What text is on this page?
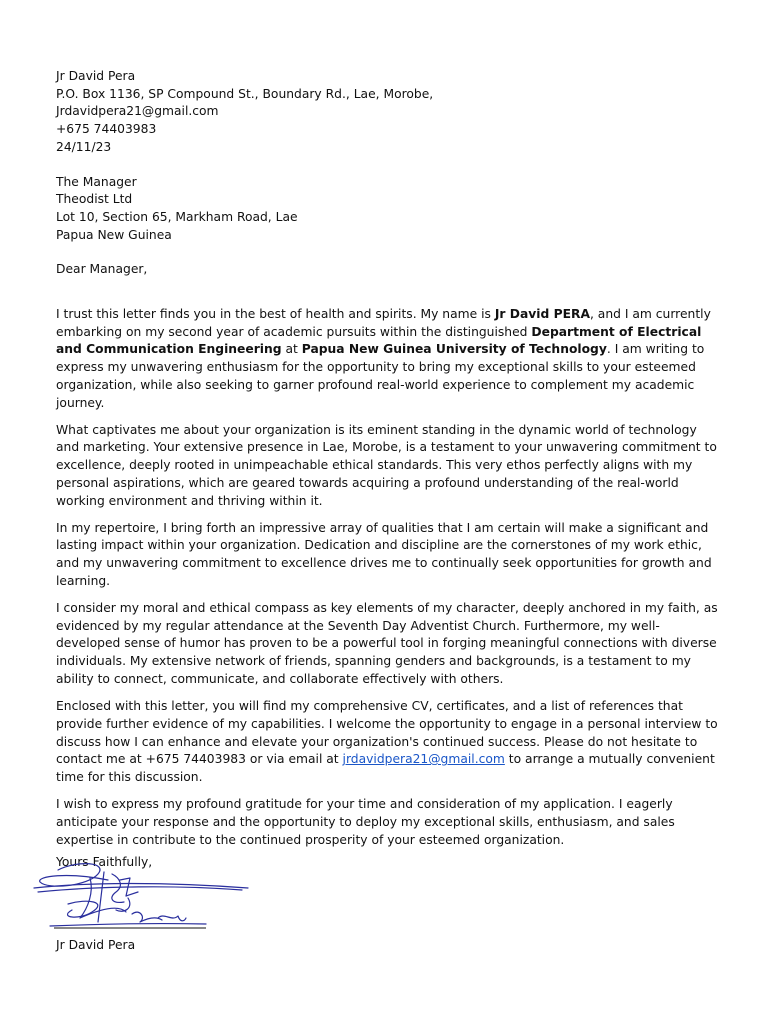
Jr David Pera
P.O. Box 1136, SP Compound St., Boundary Rd., Lae, Morobe,
Jrdavidpera21@gmail.com
+675 74403983
24/11/23
The Manager
Theodist Ltd
Lot 10, Section 65, Markham Road, Lae
Papua New Guinea
Dear Manager,

I trust this letter finds you in the best of health and spirits. My name is Jr David PERA, and I am currently embarking on my second year of academic pursuits within the distinguished Department of Electrical and Communication Engineering at Papua New Guinea University of Technology. I am writing to express my unwavering enthusiasm for the opportunity to bring my exceptional skills to your esteemed organization, while also seeking to garner profound real-world experience to complement my academic journey.

What captivates me about your organization is its eminent standing in the dynamic world of technology and marketing. Your extensive presence in Lae, Morobe, is a testament to your unwavering commitment to excellence, deeply rooted in unimpeachable ethical standards. This very ethos perfectly aligns with my personal aspirations, which are geared towards acquiring a profound understanding of the real-world working environment and thriving within it.

In my repertoire, I bring forth an impressive array of qualities that I am certain will make a significant and lasting impact within your organization. Dedication and discipline are the cornerstones of my work ethic, and my unwavering commitment to excellence drives me to continually seek opportunities for growth and learning.

I consider my moral and ethical compass as key elements of my character, deeply anchored in my faith, as evidenced by my regular attendance at the Seventh Day Adventist Church. Furthermore, my well-developed sense of humor has proven to be a powerful tool in forging meaningful connections with diverse individuals. My extensive network of friends, spanning genders and backgrounds, is a testament to my ability to connect, communicate, and collaborate effectively with others.

Enclosed with this letter, you will find my comprehensive CV, certificates, and a list of references that provide further evidence of my capabilities. I welcome the opportunity to engage in a personal interview to discuss how I can enhance and elevate your organization's continued success. Please do not hesitate to contact me at +675 74403983 or via email at jrdavidpera21@gmail.com to arrange a mutually convenient time for this discussion.

I wish to express my profound gratitude for your time and consideration of my application. I eagerly anticipate your response and the opportunity to deploy my exceptional skills, enthusiasm, and sales expertise in contribute to the continued prosperity of your esteemed organization.

Yours Faithfully,
Jr David Pera
